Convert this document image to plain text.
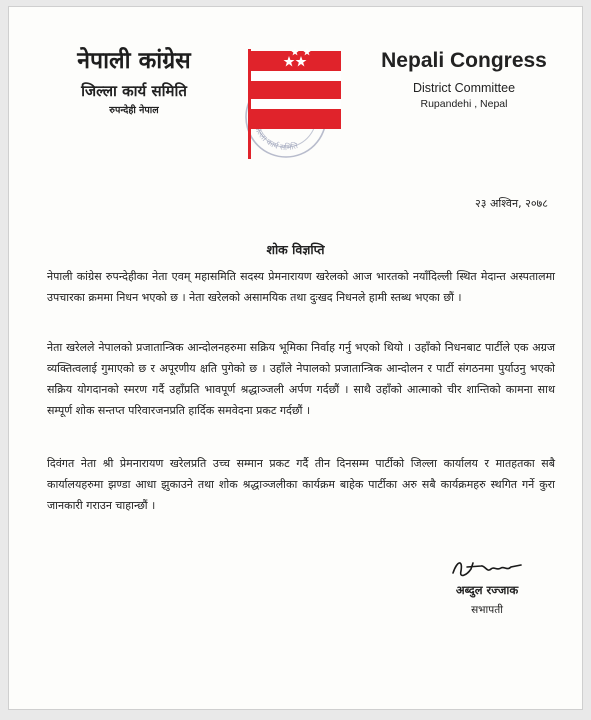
नेपाली कांग्रेस
जिल्ला कार्य समिति
रुपन्देही नेपाल
ल्ला कार्य समिति
Nepali Congress
District Committee
Rupandehi , Nepal
२३ अश्विन, २०७८
शोक विज्ञप्ति
नेपाली कांग्रेस रुपन्देहीका नेता एवम् महासमिति सदस्य प्रेमनारायण खरेलको आज भारतको नयाँदिल्ली स्थित मेदान्त अस्पतालमा उपचारका क्रममा निधन भएको छ । नेता खरेलको असामयिक तथा दुःखद निधनले हामी स्तब्ध भएका छौं ।
नेता खरेलले नेपालको प्रजातान्त्रिक आन्दोलनहरुमा सक्रिय भूमिका निर्वाह गर्नु भएको थियो । उहाँको निधनबाट पार्टीले एक अग्रज व्यक्तित्वलाई गुमाएको छ र अपूरणीय क्षति पुगेको छ । उहाँले नेपालको प्रजातान्त्रिक आन्दोलन र पार्टी संगठनमा पुर्याउनु भएको सक्रिय योगदानको स्मरण गर्दै उहाँप्रति भावपूर्ण श्रद्धाञ्जली अर्पण गर्दछौं । साथै उहाँको आत्माको चीर शान्तिको कामना साथ सम्पूर्ण शोक सन्तप्त परिवारजनप्रति हार्दिक समवेदना प्रकट गर्दछौं ।
दिवंगत नेता श्री प्रेमनारायण खरेलप्रति उच्च सम्मान प्रकट गर्दै तीन दिनसम्म पार्टीको जिल्ला कार्यालय र मातहतका सबै कार्यालयहरुमा झण्डा आधा झुकाउने तथा शोक श्रद्धाञ्जलीका कार्यक्रम बाहेक पार्टीका अरु सबै कार्यक्रमहरु स्थगित गर्ने कुरा जानकारी गराउन चाहान्छौं ।
अब्दुल रज्जाक
सभापती
